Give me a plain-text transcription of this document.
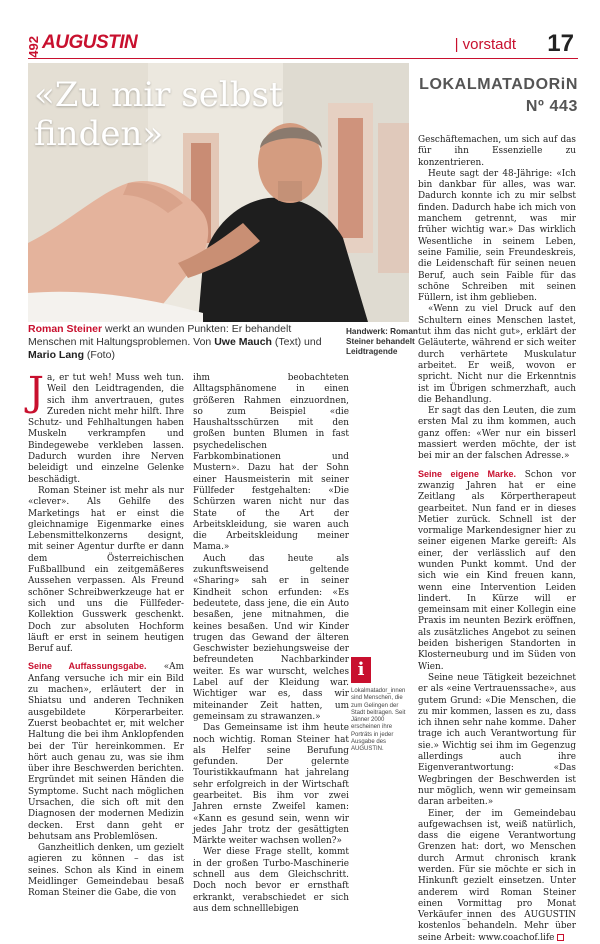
492 AUGUSTIN	| vorstadt 17
«Zu mir selbst
finden»
LOKALMATADORiN
Nº 443
Roman Steiner werkt an wunden Punkten: Er behandelt Menschen mit Haltungsproblemen. Von Uwe Mauch (Text) und Mario Lang (Foto)
Handwerk: Roman
Steiner behandelt
Leidtragende

Ja, er tut weh! Muss weh tun. Weil den Leidtragenden, die sich ihm anvertrauen, gutes Zureden nicht mehr hilft. Ihre Schutz- und Fehlhaltungen haben Muskeln verkrampfen und Bindegewebe verkleben lassen. Dadurch wurden ihre Nerven beleidigt und einzelne Gelenke beschädigt.

Roman Steiner ist mehr als nur «clever». Als Gehilfe des Marketings hat er einst die gleichnamige Eigenmarke eines Lebensmittelkonzerns designt, mit seiner Agentur durfte er dann dem Österreichischen Fußballbund ein zeitgemäßeres Aussehen verpassen. Als Freund schöner Schreibwerkzeuge hat er sich und uns die Füllfeder-Kollektion Gusswerk geschenkt. Doch zur absoluten Hochform läuft er erst in seinem heutigen Beruf auf.

Seine Auffassungsgabe. «Am Anfang versuche ich mir ein Bild zu machen», erläutert der in Shiatsu und anderen Techniken ausgebildete Körperarbeiter. Zuerst beobachtet er, mit welcher Haltung die bei ihm Anklopfenden bei der Tür hereinkommen. Er hört auch genau zu, was sie ihm über ihre Beschwerden berichten. Ergründet mit seinen Händen die Symptome. Sucht nach möglichen Ursachen, die sich oft mit den Diagnosen der modernen Medizin decken. Erst dann geht er behutsam ans Problemlösen.

Ganzheitlich denken, um gezielt agieren zu können – das ist seines. Schon als Kind in einem Meidlinger Gemeindebau besaß Roman Steiner die Gabe, die von

ihm beobachteten Alltagsphänomene in einen größeren Rahmen einzuordnen, so zum Beispiel «die Haushaltsschürzen mit den großen bunten Blumen in fast psychedelischen Farbkombinationen und Mustern». Dazu hat der Sohn einer Hausmeisterin mit seiner Füllfeder festgehalten: «Die Schürzen waren nicht nur das State of the Art der Arbeitskleidung, sie waren auch die Arbeitskleidung meiner Mama.»

Auch das heute als zukunftsweisend geltende «Sharing» sah er in seiner Kindheit schon erfunden: «Es bedeutete, dass jene, die ein Auto besaßen, jene mitnahmen, die keines besaßen. Und wir Kinder trugen das Gewand der älteren Geschwister beziehungsweise der befreundeten Nachbarkinder weiter. Es war wurscht, welches Label auf der Kleidung war. Wichtiger war es, dass wir miteinander Zeit hatten, um gemeinsam zu strawanzen.»

Das Gemeinsame ist ihm heute noch wichtig. Roman Steiner hat als Helfer seine Berufung gefunden. Der gelernte Touristikkaufmann hat jahrelang sehr erfolgreich in der Wirtschaft gearbeitet. Bis ihm vor zwei Jahren ernste Zweifel kamen: «Kann es gesund sein, wenn wir jedes Jahr trotz der gesättigten Märkte weiter wachsen wollen?»

Wer diese Frage stellt, kommt in der großen Turbo-Maschinerie schnell aus dem Gleichschritt. Doch noch bevor er ernsthaft erkrankt, verabschiedet er sich aus dem schnelllebigen

Geschäftemachen, um sich auf das für ihn Essenzielle zu konzentrieren.

Heute sagt der 48-Jährige: «Ich bin dankbar für alles, was war. Dadurch konnte ich zu mir selbst finden. Dadurch habe ich mich von manchem getrennt, was mir früher wichtig war.» Das wirklich Wesentliche in seinem Leben, seine Familie, sein Freundeskreis, die Leidenschaft für seinen neuen Beruf, auch sein Faible für das schöne Schreiben mit seinen Füllern, ist ihm geblieben.

«Wenn zu viel Druck auf den Schultern eines Menschen lastet, tut ihm das nicht gut», erklärt der Geläuterte, während er sich weiter durch verhärtete Muskulatur arbeitet. Er weiß, wovon er spricht. Nicht nur die Erkenntnis ist im Übrigen schmerzhaft, auch die Behandlung.

Er sagt das den Leuten, die zum ersten Mal zu ihm kommen, auch ganz offen: «Wer nur ein bisserl massiert werden möchte, der ist bei mir an der falschen Adresse.»

Seine eigene Marke. Schon vor zwanzig Jahren hat er eine Zeitlang als Körpertherapeut gearbeitet. Nun fand er in dieses Metier zurück. Schnell ist der vormalige Markendesigner hier zu seiner eigenen Marke gereift: Als einer, der verlässlich auf den wunden Punkt kommt. Und der sich wie ein Kind freuen kann, wenn eine Intervention Leiden lindert. In Kürze will er gemeinsam mit einer Kollegin eine Praxis im neunten Bezirk eröffnen, als zusätzliches Angebot zu seinen beiden bisherigen Standorten in Klosterneuburg und im Süden von Wien.

Seine neue Tätigkeit bezeichnet er als «eine Vertrauenssache», aus gutem Grund: «Die Menschen, die zu mir kommen, lassen es zu, dass ich ihnen sehr nahe komme. Daher trage ich auch Verantwortung für sie.» Wichtig sei ihm im Gegenzug allerdings auch ihre Eigenverantwortung: «Das Wegbringen der Beschwerden ist nur möglich, wenn wir gemeinsam daran arbeiten.»

Einer, der im Gemeindebau aufgewachsen ist, weiß natürlich, dass die eigene Verantwortung Grenzen hat: dort, wo Menschen durch Armut chronisch krank werden. Für sie möchte er sich in Hinkunft gezielt einsetzen. Unter anderem wird Roman Steiner einen Vormittag pro Monat Verkäufer_innen des AUGUSTIN kostenlos behandeln. Mehr über seine Arbeit: www.coachof.life

i
Lokalmatador_innen sind Menschen, die zum Gelingen der Stadt beitragen. Seit Jänner 2000 erscheinen ihre Porträts in jeder Ausgabe des AUGUSTIN.
